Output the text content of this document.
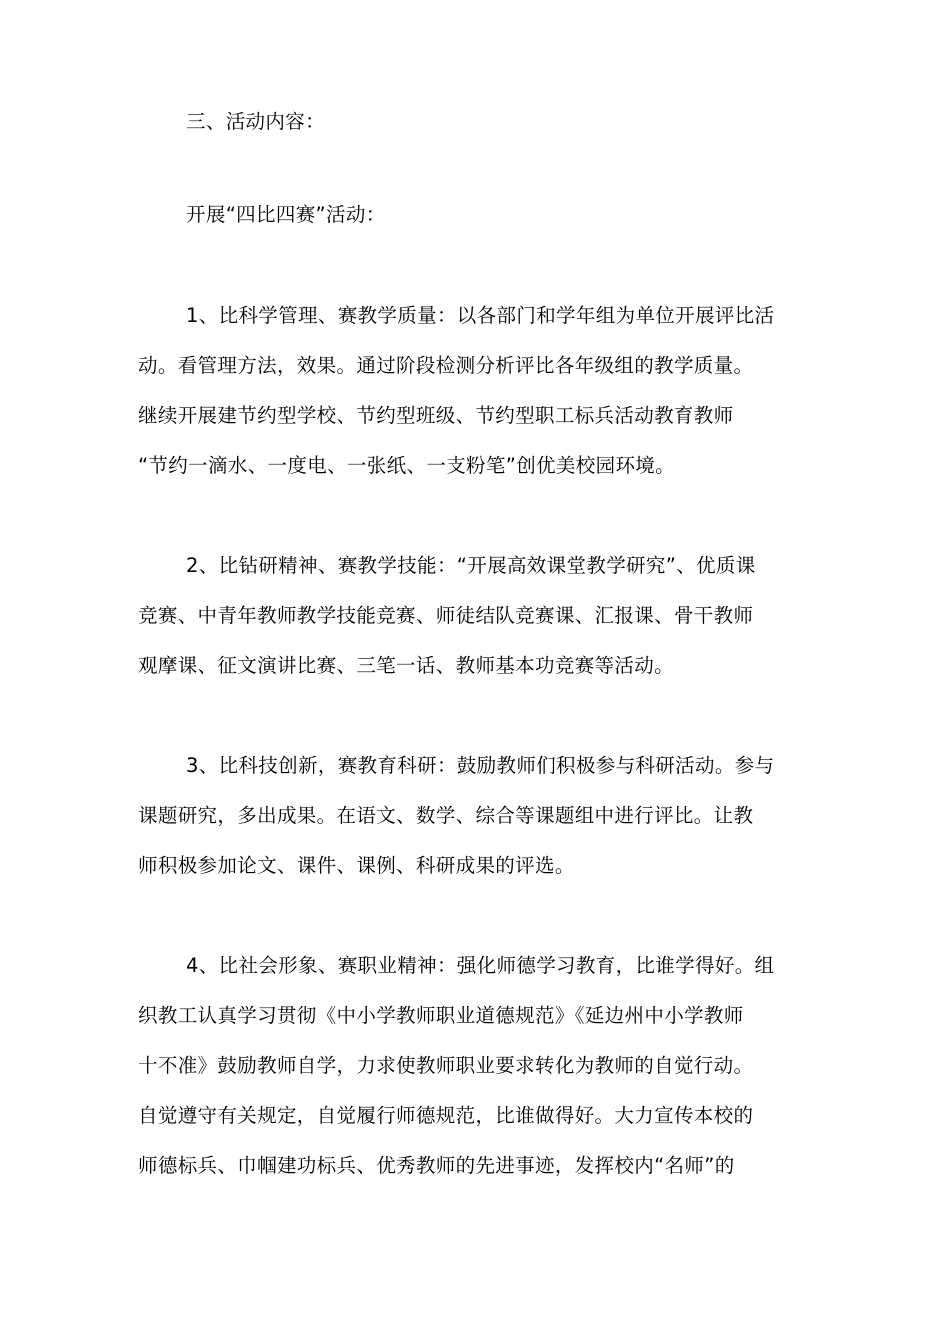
三、活动内容：
开展“四比四赛”活动：
1、比科学管理、赛教学质量：以各部门和学年组为单位开展评比活
动。看管理方法，效果。通过阶段检测分析评比各年级组的教学质量。
继续开展建节约型学校、节约型班级、节约型职工标兵活动教育教师
“节约一滴水、一度电、一张纸、一支粉笔”创优美校园环境。
2、比钻研精神、赛教学技能：“开展高效课堂教学研究”、优质课
竞赛、中青年教师教学技能竞赛、师徒结队竞赛课、汇报课、骨干教师
观摩课、征文演讲比赛、三笔一话、教师基本功竞赛等活动。
3、比科技创新，赛教育科研：鼓励教师们积极参与科研活动。参与
课题研究，多出成果。在语文、数学、综合等课题组中进行评比。让教
师积极参加论文、课件、课例、科研成果的评选。
4、比社会形象、赛职业精神：强化师德学习教育，比谁学得好。组
织教工认真学习贯彻《中小学教师职业道德规范》《延边州中小学教师
十不准》鼓励教师自学，力求使教师职业要求转化为教师的自觉行动。
自觉遵守有关规定，自觉履行师德规范，比谁做得好。大力宣传本校的
师德标兵、巾帼建功标兵、优秀教师的先进事迹，发挥校内“名师”的
